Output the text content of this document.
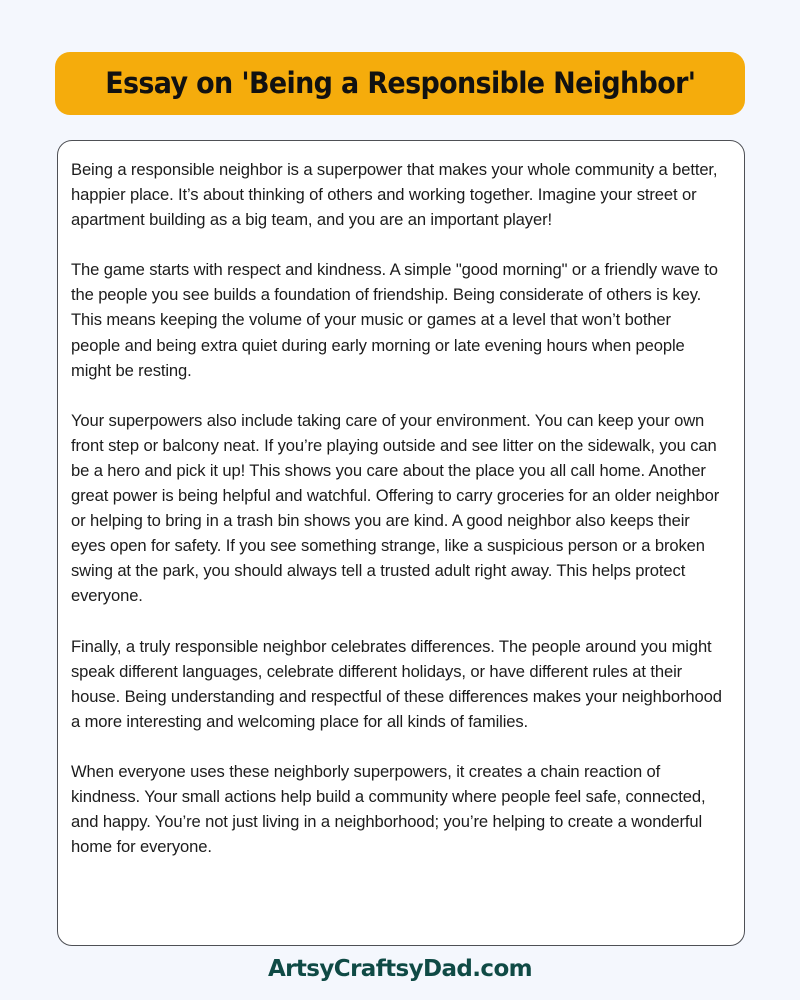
Essay on 'Being a Responsible Neighbor'

Being a responsible neighbor is a superpower that makes your whole community a better, happier place. It’s about thinking of others and working together. Imagine your street or apartment building as a big team, and you are an important player!

The game starts with respect and kindness. A simple "good morning" or a friendly wave to the people you see builds a foundation of friendship. Being considerate of others is key. This means keeping the volume of your music or games at a level that won’t bother people and being extra quiet during early morning or late evening hours when people might be resting.

Your superpowers also include taking care of your environment. You can keep your own front step or balcony neat. If you’re playing outside and see litter on the sidewalk, you can be a hero and pick it up! This shows you care about the place you all call home. Another great power is being helpful and watchful. Offering to carry groceries for an older neighbor or helping to bring in a trash bin shows you are kind. A good neighbor also keeps their eyes open for safety. If you see something strange, like a suspicious person or a broken swing at the park, you should always tell a trusted adult right away. This helps protect everyone.

Finally, a truly responsible neighbor celebrates differences. The people around you might speak different languages, celebrate different holidays, or have different rules at their house. Being understanding and respectful of these differences makes your neighborhood a more interesting and welcoming place for all kinds of families.

When everyone uses these neighborly superpowers, it creates a chain reaction of kindness. Your small actions help build a community where people feel safe, connected, and happy. You’re not just living in a neighborhood; you’re helping to create a wonderful home for everyone.

ArtsyCraftsyDad.com
